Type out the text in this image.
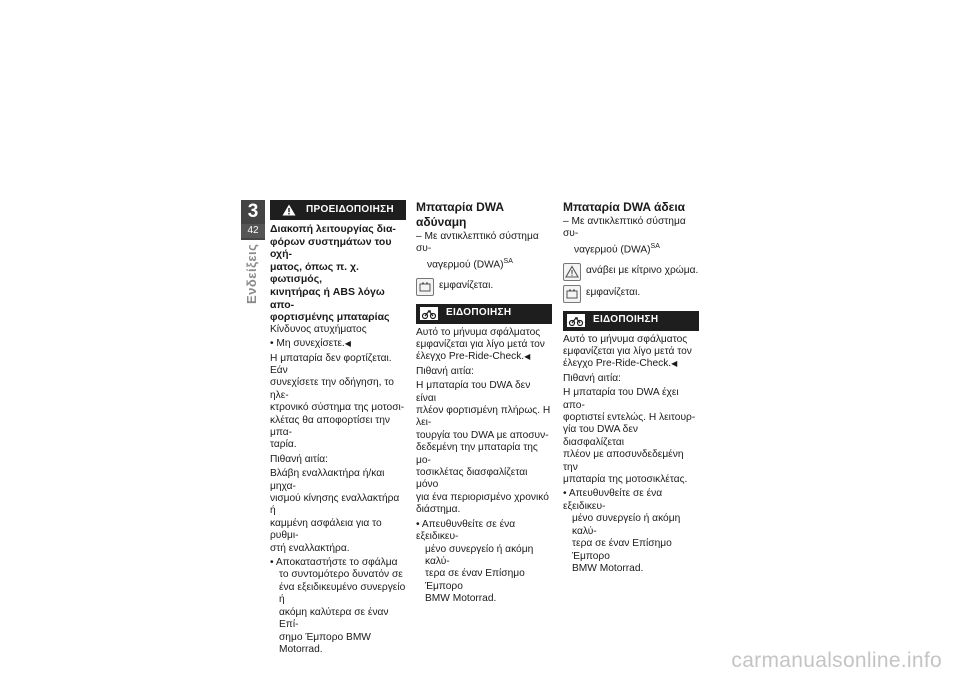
3
42
Ενδείξεις
ΠΡΟΕΙΔΟΠΟΙΗΣΗ
Διακοπή λειτουργίας δια-
φόρων συστημάτων του οχή-
ματος, όπως π. χ. φωτισμός,
κινητήρας ή ABS λόγω απο-
φορτισμένης μπαταρίας

Κίνδυνος ατυχήματος

• Μη συνεχίσετε.◀

Η μπαταρία δεν φορτίζεται. Εάν
συνεχίσετε την οδήγηση, το ηλε-
κτρονικό σύστημα της μοτοσι-
κλέτας θα αποφορτίσει την μπα-
ταρία.

Πιθανή αιτία:

Βλάβη εναλλακτήρα ή/και μηχα-
νισμού κίνησης εναλλακτήρα ή
καμμένη ασφάλεια για το ρυθμι-
στή εναλλακτήρα.

• Αποκαταστήστε το σφάλμα
το συντομότερο δυνατόν σε
ένα εξειδικευμένο συνεργείο ή
ακόμη καλύτερα σε έναν Επί-
σημο Έμπορο BMW Motorrad.
Μπαταρία DWA αδύναμη
– Με αντικλεπτικό σύστημα συ-
ναγερμού (DWA)$^{SA}$
εμφανίζεται.
ΕΙΔΟΠΟΙΗΣΗ

Αυτό το μήνυμα σφάλματος
εμφανίζεται για λίγο μετά τον
έλεγχο Pre-Ride-Check.◀

Πιθανή αιτία:

Η μπαταρία του DWA δεν είναι
πλέον φορτισμένη πλήρως. Η λει-
τουργία του DWA με αποσυν-
δεδεμένη την μπαταρία της μο-
τοσικλέτας διασφαλίζεται μόνο
για ένα περιορισμένο χρονικό
διάστημα.

• Απευθυνθείτε σε ένα εξειδικευ-
μένο συνεργείο ή ακόμη καλύ-
τερα σε έναν Επίσημο Έμπορο
BMW Motorrad.
Μπαταρία DWA άδεια
– Με αντικλεπτικό σύστημα συ-
ναγερμού (DWA)$^{SA}$
ανάβει με κίτρινο χρώμα.
εμφανίζεται.
ΕΙΔΟΠΟΙΗΣΗ

Αυτό το μήνυμα σφάλματος
εμφανίζεται για λίγο μετά τον
έλεγχο Pre-Ride-Check.◀

Πιθανή αιτία:

Η μπαταρία του DWA έχει απο-
φορτιστεί εντελώς. Η λειτουρ-
γία του DWA δεν διασφαλίζεται
πλέον με αποσυνδεδεμένη την
μπαταρία της μοτοσικλέτας.

• Απευθυνθείτε σε ένα εξειδικευ-
μένο συνεργείο ή ακόμη καλύ-
τερα σε έναν Επίσημο Έμπορο
BMW Motorrad.
carmanualsonline.info
